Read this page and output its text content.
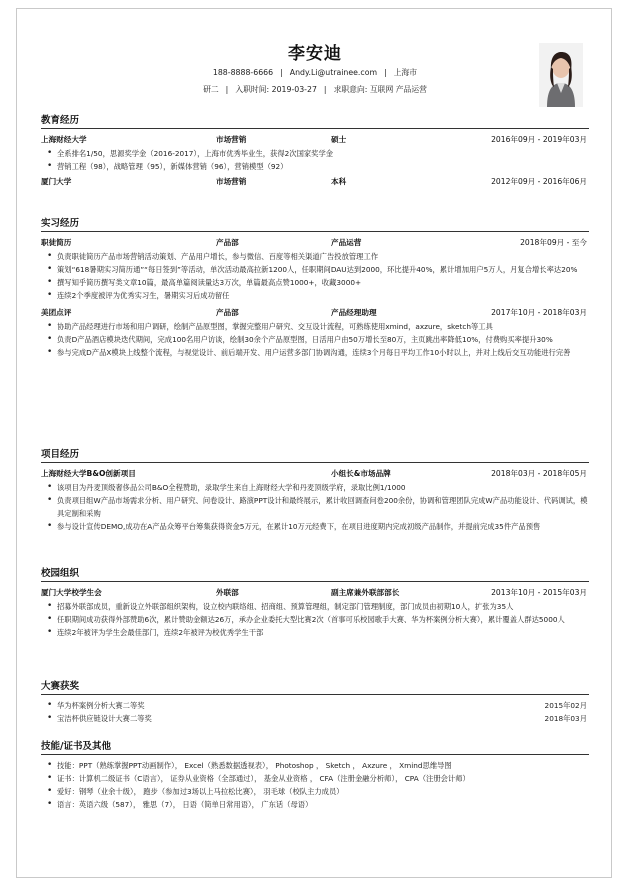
李安迪
188-8888-6666 | Andy.Li@utrainee.com | 上海市
研二 | 入职时间: 2019-03-27 | 求职意向: 互联网 产品运营
教育经历
上海财经大学	市场营销	硕士	2016年09月 - 2019年03月
• 全系排名1/50，思源奖学金（2016-2017），上海市优秀毕业生，获得2次国家奖学金
• 营销工程（98），战略管理（95），新媒体营销（96），营销模型（92）
厦门大学	市场营销	本科	2012年09月 - 2016年06月
实习经历
职徒简历	产品部	产品运营	2018年09月 - 至今
• 负责职徒简历产品市场营销活动策划、产品用户增长，参与微信、百度等相关渠道广告投放管理工作
• 策划“618暑期实习简历通”“每日签到”等活动，单次活动最高拉新1200人，任职期间DAU达到2000，环比提升40%，累计增加用户5万人，月复合增长率达20%
• 撰写知乎简历撰写类文章10篇，最高单篇阅读量达3万次，单篇最高点赞1000+，收藏3000+
• 连续2个季度被评为优秀实习生，暑期实习后成功留任
美团点评	产品部	产品经理助理	2017年10月 - 2018年03月
• 协助产品经理进行市场和用户调研，绘制产品原型图，掌握完整用户研究、交互设计流程，可熟练使用xmind，axzure，sketch等工具
• 负责D产品酒店模块迭代期间，完成100名用户访谈，绘制30余个产品原型图，日活用户由50万增长至80万，主页跳出率降低10%，付费购买率提升30%
• 参与完成D产品X模块上线整个流程，与视觉设计、前后端开发、用户运营多部门协调沟通，连续3个月每日平均工作10小时以上，并对上线后交互功能进行完善
项目经历
上海财经大学B&O创新项目	小组长&市场品牌	2018年03月 - 2018年05月
• 该项目为丹麦顶级奢侈品公司B&O全程赞助，录取学生来自上海财经大学和丹麦顶级学府，录取比例1/1000
• 负责项目组W产品市场需求分析、用户研究、问卷设计、路演PPT设计和最终展示，累计收回调查问卷200余份，协调和管理团队完成W产品功能设计、代码调试，模具定制和采购
• 参与设计宣传DEMO,成功在A产品众筹平台筹集获得资金5万元，在累计10万元经费下，在项目进度期内完成初级产品制作，并提前完成35件产品预售
校园组织
厦门大学校学生会	外联部	副主席兼外联部部长	2013年10月 - 2015年03月
• 招募外联部成员，重新设立外联部组织架构，设立校内联络组、招商组、预算管理组，制定部门管理制度，部门成员由初期10人，扩张为35人
• 任职期间成功获得外部赞助6次，累计赞助金额达26万，承办企业委托大型比赛2次（首事可乐校园歌手大赛、华为杯案例分析大赛），累计覆盖人群达5000人
• 连续2年被评为学生会最佳部门，连续2年被评为校优秀学生干部
大赛获奖
• 华为杯案例分析大赛二等奖	2015年02月
• 宝洁杯供应链设计大赛二等奖	2018年03月
技能/证书及其他
• 技能：PPT（熟练掌握PPT动画制作）， Excel（熟悉数据透视表）， Photoshop ， Sketch ， Axzure ， Xmind思维导图
• 证书：计算机二级证书（C语言）， 证券从业资格（全部通过）， 基金从业资格 ， CFA（注册金融分析师）， CPA（注册会计师）
• 爱好：钢琴（业余十级）， 跑步（参加过3场以上马拉松比赛）， 羽毛球（校队主力成员）
• 语言：英语六级（587）， 雅思（7）， 日语（简单日常用语）， 广东话（母语）
